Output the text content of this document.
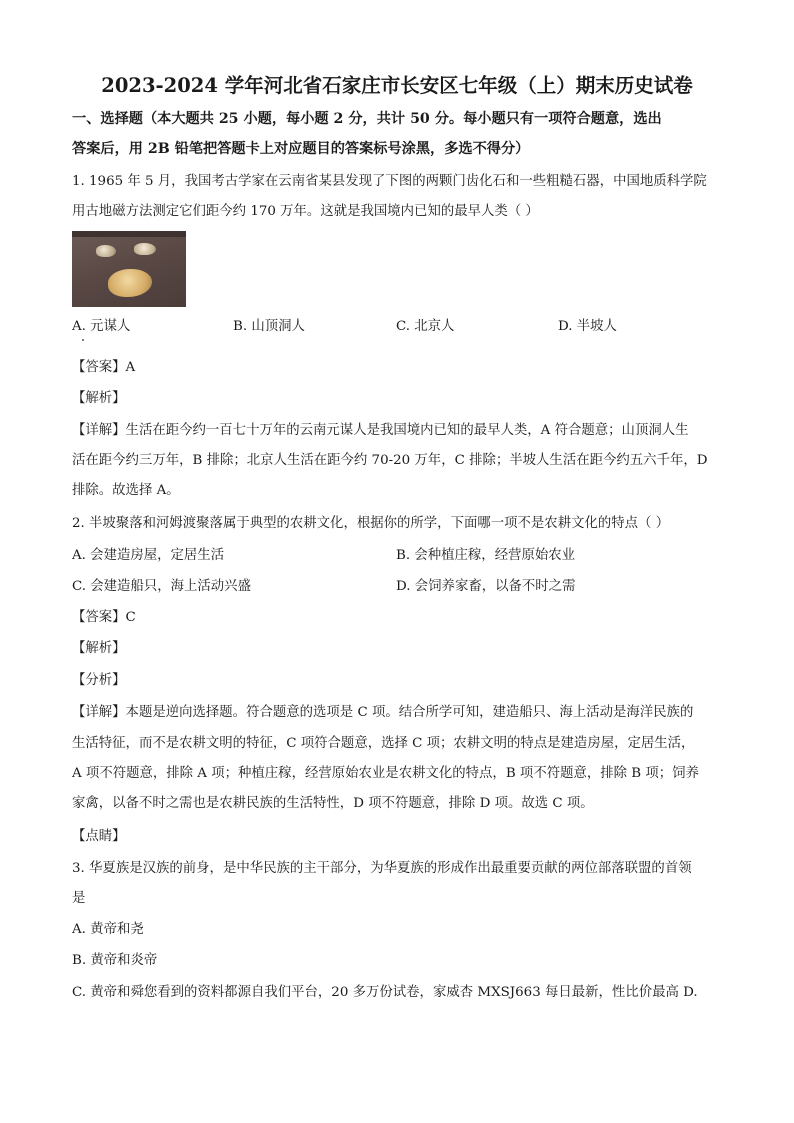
2023-2024 学年河北省石家庄市长安区七年级（上）期末历史试卷
一、选择题（本大题共 25 小题，每小题 2 分，共计 50 分。每小题只有一项符合题意，选出
答案后，用 2B 铅笔把答题卡上对应题目的答案标号涂黑，多选不得分）
1. 1965 年 5 月，我国考古学家在云南省某县发现了下图的两颗门齿化石和一些粗糙石器，中国地质科学院
用古地磁方法测定它们距今约 170 万年。这就是我国境内已知的最早人类（ ）
A. 元谋人	B. 山顶洞人	C. 北京人	D. 半坡人
【答案】A
【解析】
【详解】生活在距今约一百七十万年的云南元谋人是我国境内已知的最早人类，A 符合题意；山顶洞人生
活在距今约三万年，B 排除；北京人生活在距今约 70-20 万年，C 排除；半坡人生活在距今约五六千年，D
排除。故选择 A。
2. 半坡聚落和河姆渡聚落属于典型的农耕文化，根据你的所学，下面哪一项不是农耕文化的特点（ ）
A. 会建造房屋，定居生活	B. 会种植庄稼，经营原始农业
C. 会建造船只，海上活动兴盛	D. 会饲养家畜，以备不时之需
【答案】C
【解析】
【分析】
【详解】本题是逆向选择题。符合题意的选项是 C 项。结合所学可知，建造船只、海上活动是海洋民族的
生活特征，而不是农耕文明的特征，C 项符合题意，选择 C 项；农耕文明的特点是建造房屋，定居生活，
A 项不符题意，排除 A 项；种植庄稼，经营原始农业是农耕文化的特点，B 项不符题意，排除 B 项；饲养
家禽，以备不时之需也是农耕民族的生活特性，D 项不符题意，排除 D 项。故选 C 项。
【点睛】
3. 华夏族是汉族的前身，是中华民族的主干部分，为华夏族的形成作出最重要贡献的两位部落联盟的首领
是
A. 黄帝和尧
B. 黄帝和炎帝
C. 黄帝和舜您看到的资料都源自我们平台，20 多万份试卷，家威杏 MXSJ663 每日最新，性比价最高 D.
